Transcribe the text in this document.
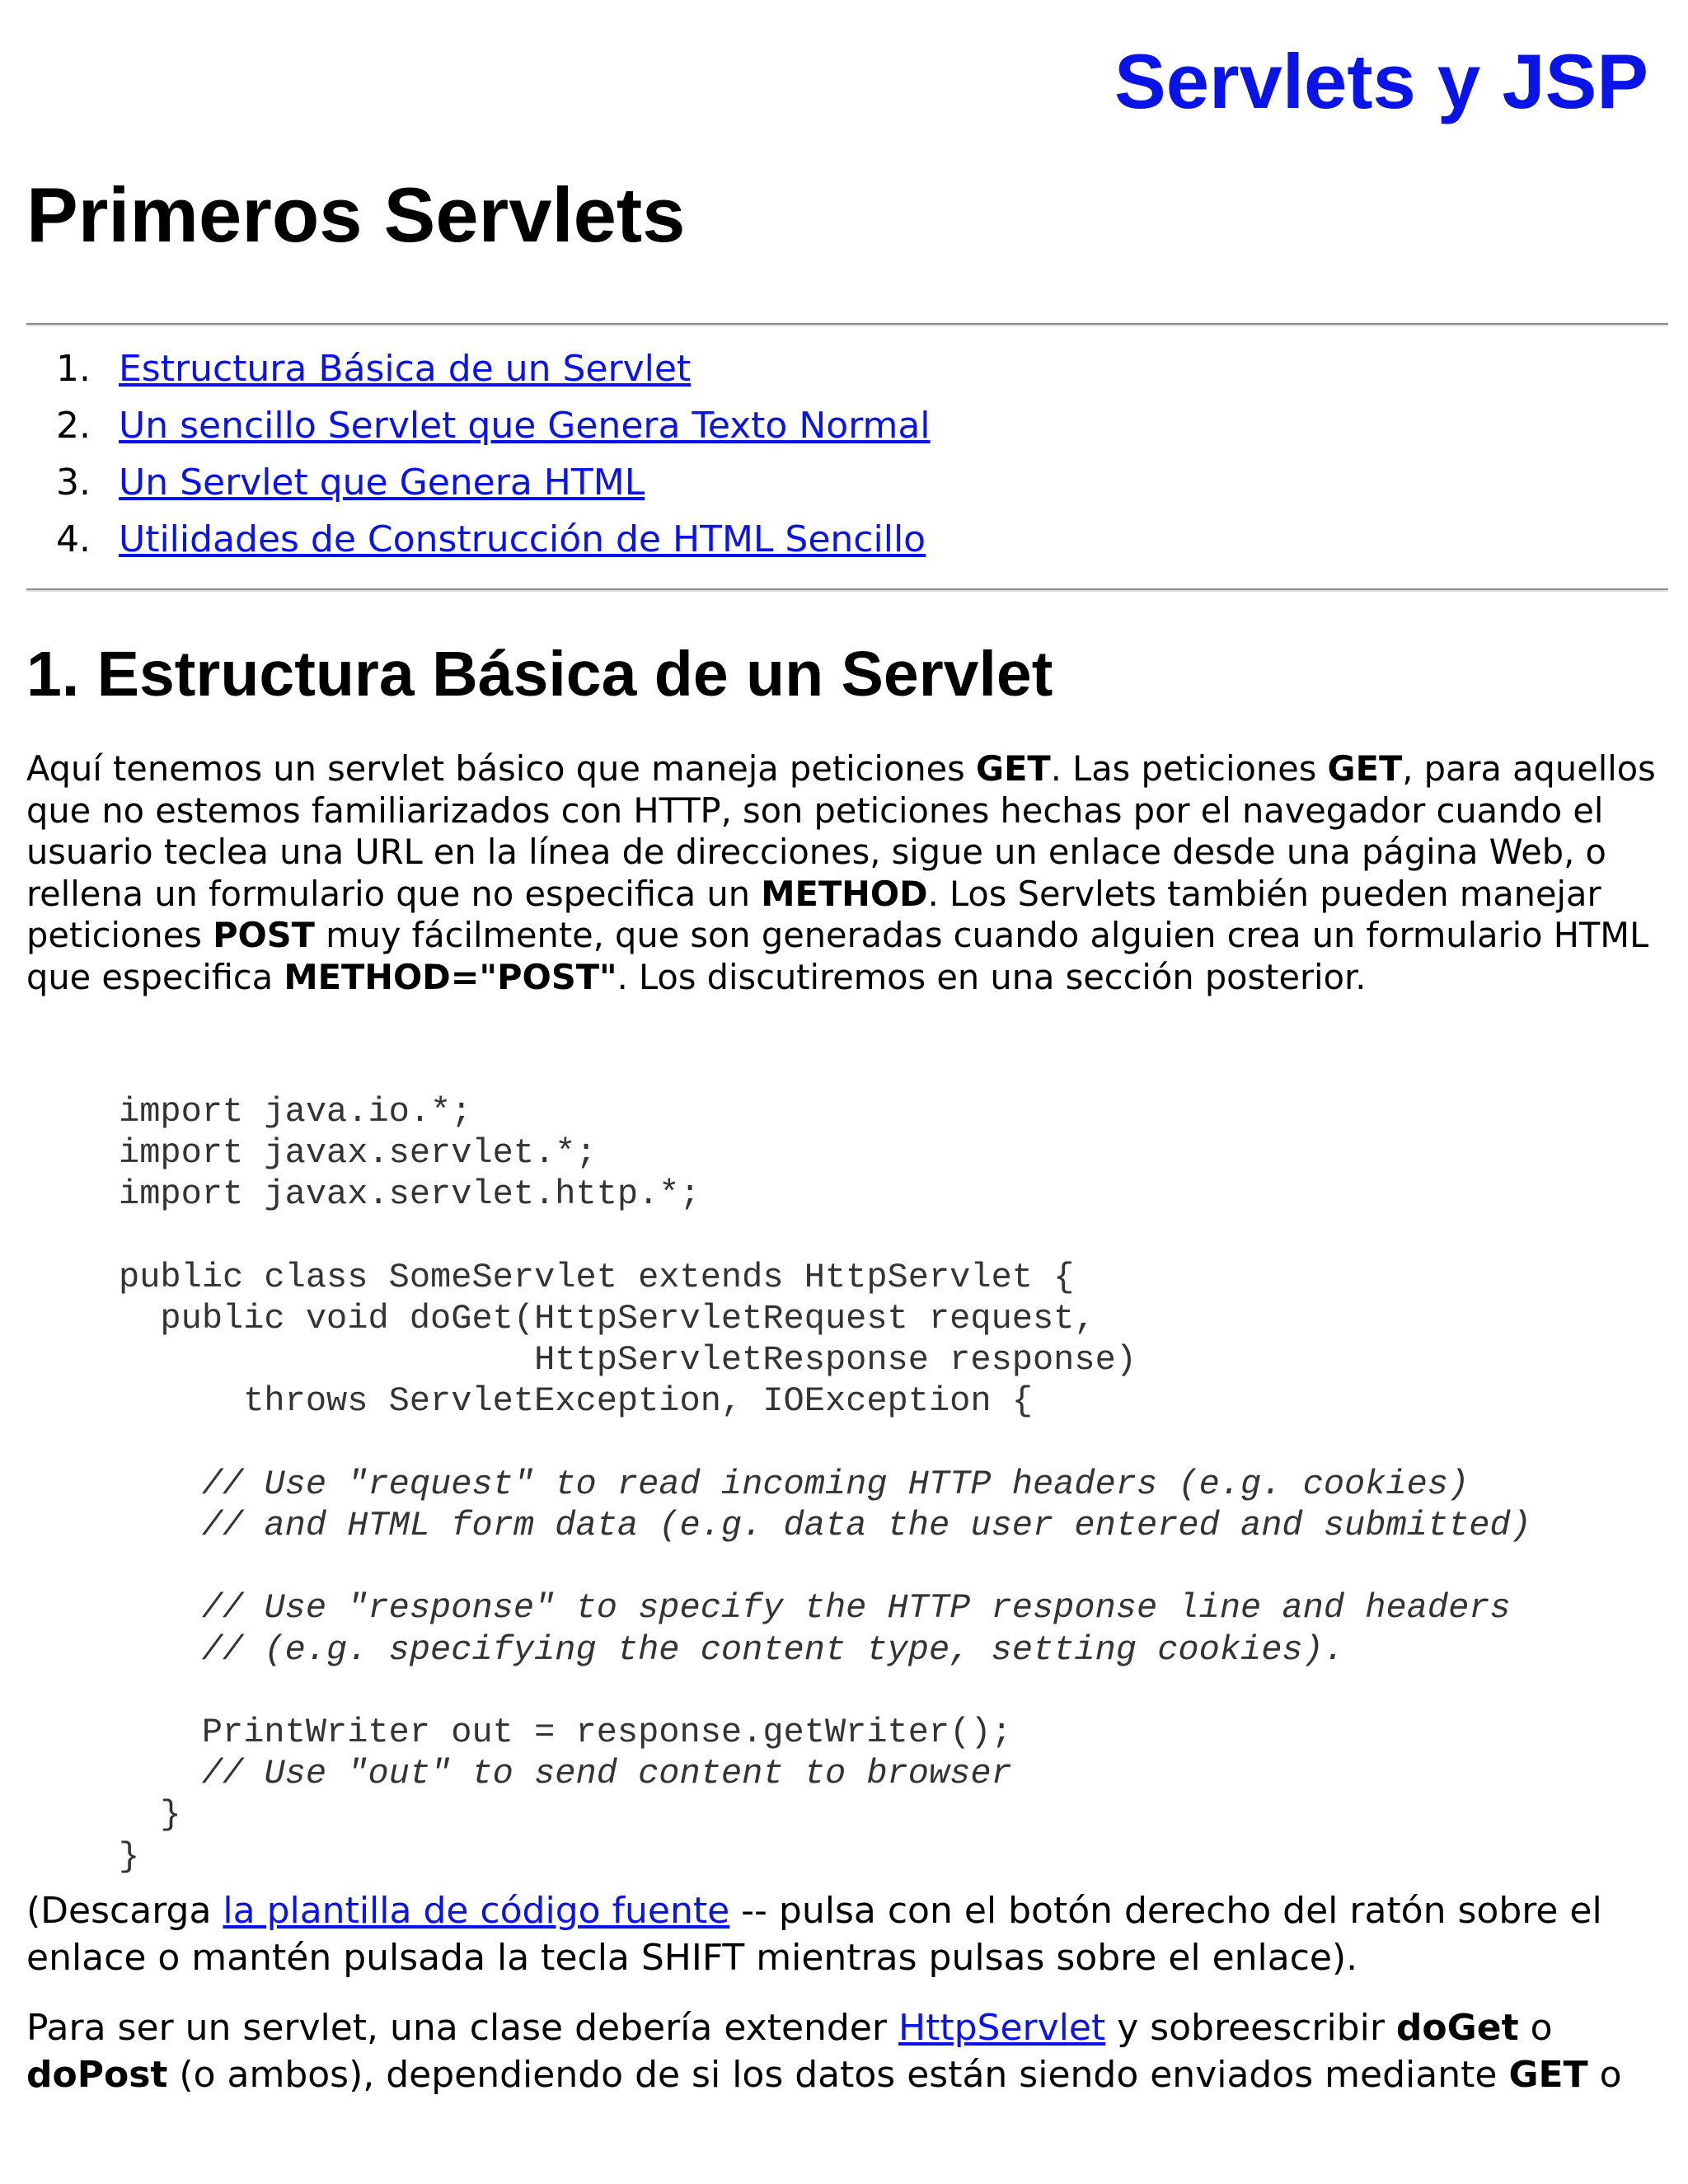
Servlets y JSP
Primeros Servlets
1. Estructura Básica de un Servlet
2. Un sencillo Servlet que Genera Texto Normal
3. Un Servlet que Genera HTML
4. Utilidades de Construcción de HTML Sencillo
1. Estructura Básica de un Servlet

Aquí tenemos un servlet básico que maneja peticiones GET. Las peticiones GET, para aquellos que no estemos familiarizados con HTTP, son peticiones hechas por el navegador cuando el usuario teclea una URL en la línea de direcciones, sigue un enlace desde una página Web, o rellena un formulario que no especifica un METHOD. Los Servlets también pueden manejar peticiones POST muy fácilmente, que son generadas cuando alguien crea un formulario HTML que especifica METHOD="POST". Los discutiremos en una sección posterior.

import java.io.*;
import javax.servlet.*;
import javax.servlet.http.*;

public class SomeServlet extends HttpServlet {
public void doGet(HttpServletRequest request,
HttpServletResponse response)
throws ServletException, IOException {

// Use "request" to read incoming HTTP headers (e.g. cookies)
// and HTML form data (e.g. data the user entered and submitted)

// Use "response" to specify the HTTP response line and headers
// (e.g. specifying the content type, setting cookies).

PrintWriter out = response.getWriter();
// Use "out" to send content to browser
}
}

(Descarga la plantilla de código fuente -- pulsa con el botón derecho del ratón sobre el enlace o mantén pulsada la tecla SHIFT mientras pulsas sobre el enlace).

Para ser un servlet, una clase debería extender HttpServlet y sobreescribir doGet o doPost (o ambos), dependiendo de si los datos están siendo enviados mediante GET o
